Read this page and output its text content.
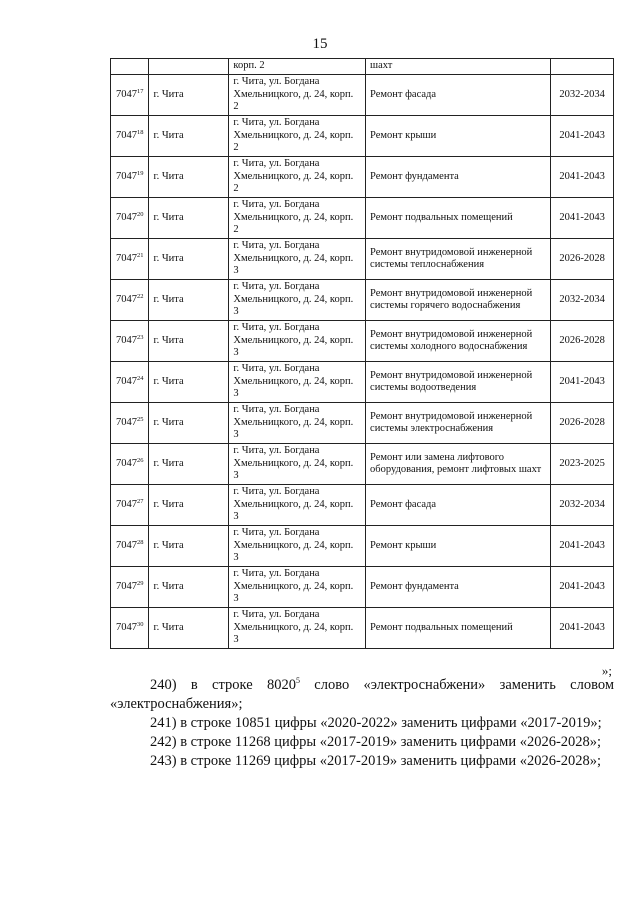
15
		корп. 2	шахт	
7047$^{17}$	г. Чита	г. Чита, ул. Богдана Хмельницкого, д. 24, корп. 2	Ремонт фасада	2032-2034
7047$^{18}$	г. Чита	г. Чита, ул. Богдана Хмельницкого, д. 24, корп. 2	Ремонт крыши	2041-2043
7047$^{19}$	г. Чита	г. Чита, ул. Богдана Хмельницкого, д. 24, корп. 2	Ремонт фундамента	2041-2043
7047$^{20}$	г. Чита	г. Чита, ул. Богдана Хмельницкого, д. 24, корп. 2	Ремонт подвальных помещений	2041-2043
7047$^{21}$	г. Чита	г. Чита, ул. Богдана Хмельницкого, д. 24, корп. 3	Ремонт внутридомовой инженерной системы теплоснабжения	2026-2028
7047$^{22}$	г. Чита	г. Чита, ул. Богдана Хмельницкого, д. 24, корп. 3	Ремонт внутридомовой инженерной системы горячего водоснабжения	2032-2034
7047$^{23}$	г. Чита	г. Чита, ул. Богдана Хмельницкого, д. 24, корп. 3	Ремонт внутридомовой инженерной системы холодного водоснабжения	2026-2028
7047$^{24}$	г. Чита	г. Чита, ул. Богдана Хмельницкого, д. 24, корп. 3	Ремонт внутридомовой инженерной системы водоотведения	2041-2043
7047$^{25}$	г. Чита	г. Чита, ул. Богдана Хмельницкого, д. 24, корп. 3	Ремонт внутридомовой инженерной системы электроснабжения	2026-2028
7047$^{26}$	г. Чита	г. Чита, ул. Богдана Хмельницкого, д. 24, корп. 3	Ремонт или замена лифтового оборудования, ремонт лифтовых шахт	2023-2025
7047$^{27}$	г. Чита	г. Чита, ул. Богдана Хмельницкого, д. 24, корп. 3	Ремонт фасада	2032-2034
7047$^{28}$	г. Чита	г. Чита, ул. Богдана Хмельницкого, д. 24, корп. 3	Ремонт крыши	2041-2043
7047$^{29}$	г. Чита	г. Чита, ул. Богдана Хмельницкого, д. 24, корп. 3	Ремонт фундамента	2041-2043
7047$^{30}$	г. Чита	г. Чита, ул. Богдана Хмельницкого, д. 24, корп. 3	Ремонт подвальных помещений	2041-2043
»;

240) в строке 8020$^5$ слово «электроснабжени» заменить словом «электроснабжения»;

241) в строке 10851 цифры «2020-2022» заменить цифрами «2017-2019»;

242) в строке 11268 цифры «2017-2019» заменить цифрами «2026-2028»;

243) в строке 11269 цифры «2017-2019» заменить цифрами «2026-2028»;
